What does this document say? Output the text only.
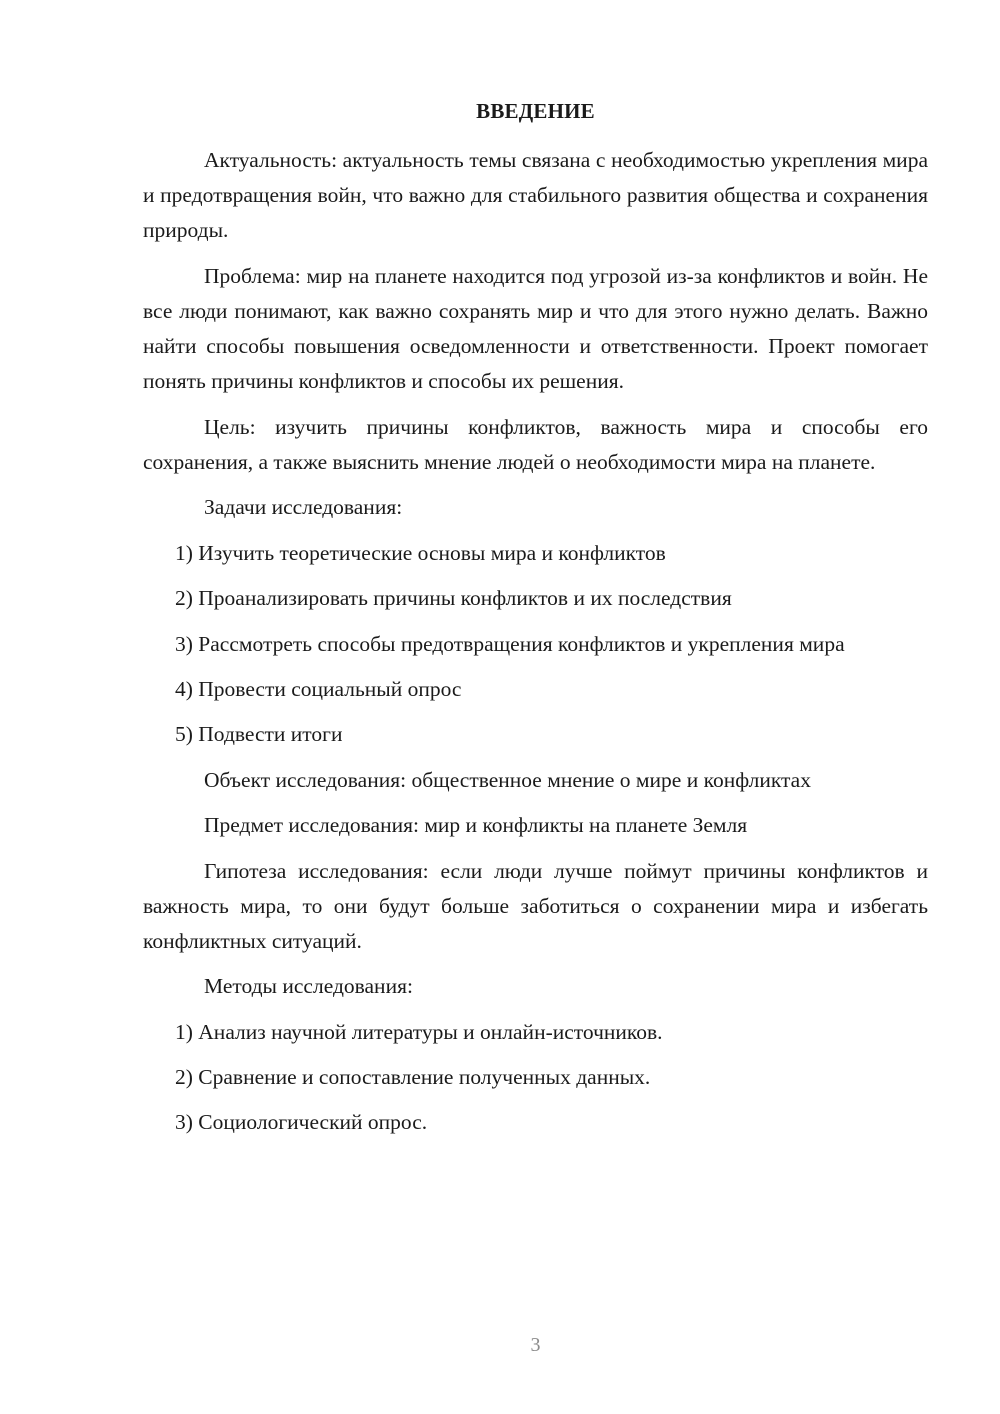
ВВЕДЕНИЕ

Актуальность: актуальность темы связана с необходимостью укрепления мира и предотвращения войн, что важно для стабильного развития общества и сохранения природы.

Проблема: мир на планете находится под угрозой из-за конфликтов и войн. Не все люди понимают, как важно сохранять мир и что для этого нужно делать. Важно найти способы повышения осведомленности и ответственности. Проект помогает понять причины конфликтов и способы их решения.

Цель: изучить причины конфликтов, важность мира и способы его сохранения, а также выяснить мнение людей о необходимости мира на планете.

Задачи исследования:

1) Изучить теоретические основы мира и конфликтов

2) Проанализировать причины конфликтов и их последствия

3) Рассмотреть способы предотвращения конфликтов и укрепления мира

4) Провести социальный опрос

5) Подвести итоги

Объект исследования: общественное мнение о мире и конфликтах

Предмет исследования: мир и конфликты на планете Земля

Гипотеза исследования: если люди лучше поймут причины конфликтов и важность мира, то они будут больше заботиться о сохранении мира и избегать конфликтных ситуаций.

Методы исследования:

1) Анализ научной литературы и онлайн-источников.

2) Сравнение и сопоставление полученных данных.

3) Социологический опрос.

3
